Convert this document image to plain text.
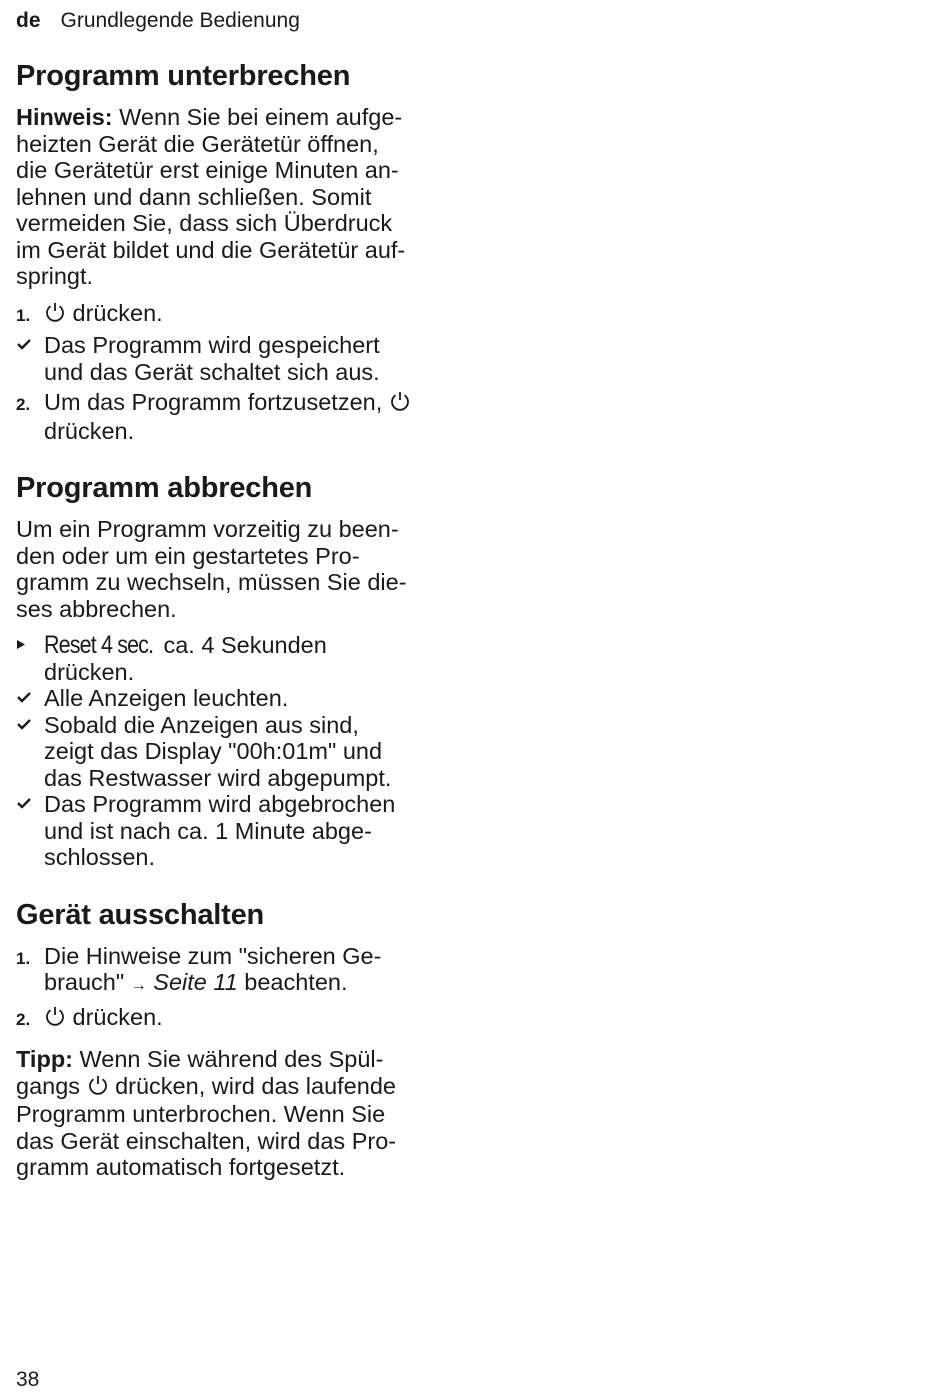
de Grundlegende Bedienung
Programm unterbrechen

Hinweis: Wenn Sie bei einem aufge-
heizten Gerät die Gerätetür öffnen,
die Gerätetür erst einige Minuten an-
lehnen und dann schließen. Somit
vermeiden Sie, dass sich Überdruck
im Gerät bildet und die Gerätetür auf-
springt.

1.	drücken.
Das Programm wird gespeichert
und das Gerät schaltet sich aus.
2. Um das Programm fortzusetzen,
drücken.
Programm abbrechen

Um ein Programm vorzeitig zu been-
den oder um ein gestartetes Pro-
gramm zu wechseln, müssen Sie die-
ses abbrechen.

Reset 4 sec. ca. 4 Sekunden
drücken.
Alle Anzeigen leuchten.
Sobald die Anzeigen aus sind,
zeigt das Display "00h:01m" und
das Restwasser wird abgepumpt.
Das Programm wird abgebrochen
und ist nach ca. 1 Minute abge-
schlossen.
Gerät ausschalten
1. Die Hinweise zum "sicheren Ge-
brauch" → Seite 11 beachten.
2.	drücken.

Tipp: Wenn Sie während des Spül-
gangs  drücken, wird das laufende
Programm unterbrochen. Wenn Sie
das Gerät einschalten, wird das Pro-
gramm automatisch fortgesetzt.

38
